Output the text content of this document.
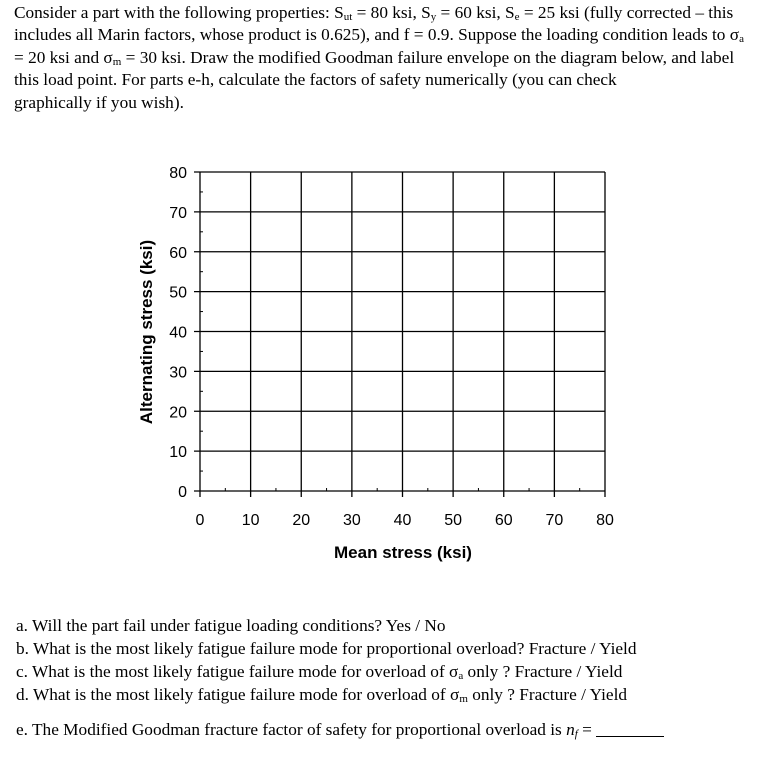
Consider a part with the following properties: $S_{ut} = 80$ ksi, $S_y = 60$ ksi, $S_e = 25$ ksi (fully corrected – this includes all Marin factors, whose product is 0.625), and f = 0.9. Suppose the loading condition leads to $\sigma_a = 20$ ksi and $\sigma_m = 30$ ksi. Draw the modified Goodman failure envelope on the diagram below, and label this load point. For parts e-h, calculate the factors of safety numerically (you can check
graphically if you wish).
0 10 20 30 40 50 60 70 80
0
10
20
30
40
50
60
70
80
Mean stress (ksi)
Alternating stress (ksi)
a. Will the part fail under fatigue loading conditions? Yes / No
b. What is the most likely fatigue failure mode for proportional overload? Fracture / Yield
c. What is the most likely fatigue failure mode for overload of $\sigma_a$ only ? Fracture / Yield
d. What is the most likely fatigue failure mode for overload of $\sigma_m$ only ? Fracture / Yield
e. The Modified Goodman fracture factor of safety for proportional overload is $n_f$ =
